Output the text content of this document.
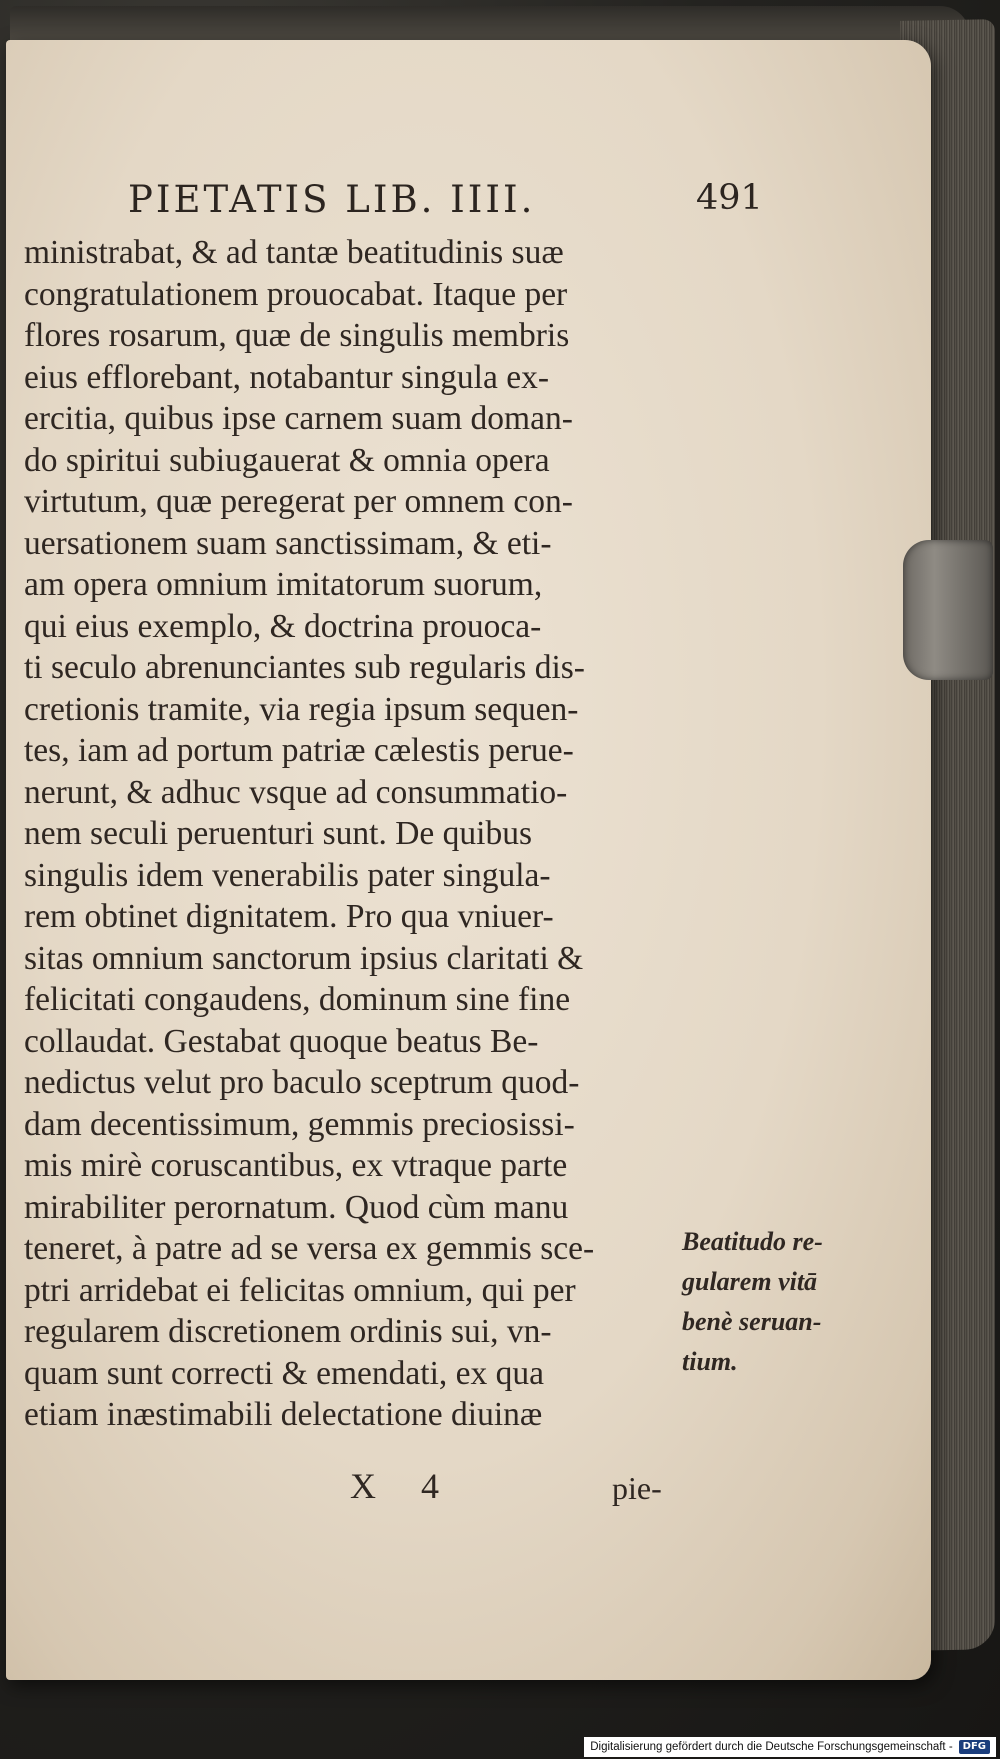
PIETATIS LIB. IIII.	491
ministrabat, & ad tantæ beatitudinis suæ
congratulationem prouocabat. Itaque per
flores rosarum, quæ de singulis membris
eius efflorebant, notabantur singula ex-
ercitia, quibus ipse carnem suam doman-
do spiritui subiugauerat & omnia opera
virtutum, quæ peregerat per omnem con-
uersationem suam sanctissimam, & eti-
am opera omnium imitatorum suorum,
qui eius exemplo, & doctrina prouoca-
ti seculo abrenunciantes sub regularis dis-
cretionis tramite, via regia ipsum sequen-
tes, iam ad portum patriæ cælestis perue-
nerunt, & adhuc vsque ad consummatio-
nem seculi peruenturi sunt. De quibus
singulis idem venerabilis pater singula-
rem obtinet dignitatem. Pro qua vniuer-
sitas omnium sanctorum ipsius claritati &
felicitati congaudens, dominum sine fine
collaudat. Gestabat quoque beatus Be-
nedictus velut pro baculo sceptrum quod-
dam decentissimum, gemmis preciosissi-
mis mirè coruscantibus, ex vtraque parte
mirabiliter perornatum. Quod cùm manu
teneret, à patre ad se versa ex gemmis sce-
ptri arridebat ei felicitas omnium, qui per
regularem discretionem ordinis sui, vn-
quam sunt correcti & emendati, ex qua
etiam inæstimabili delectatione diuinæ
Beatitudo re-
gularem vitā
benè seruan-
tium.
X 4	pie-
Digitalisierung gefördert durch die Deutsche Forschungsgemeinschaft -	DFG
